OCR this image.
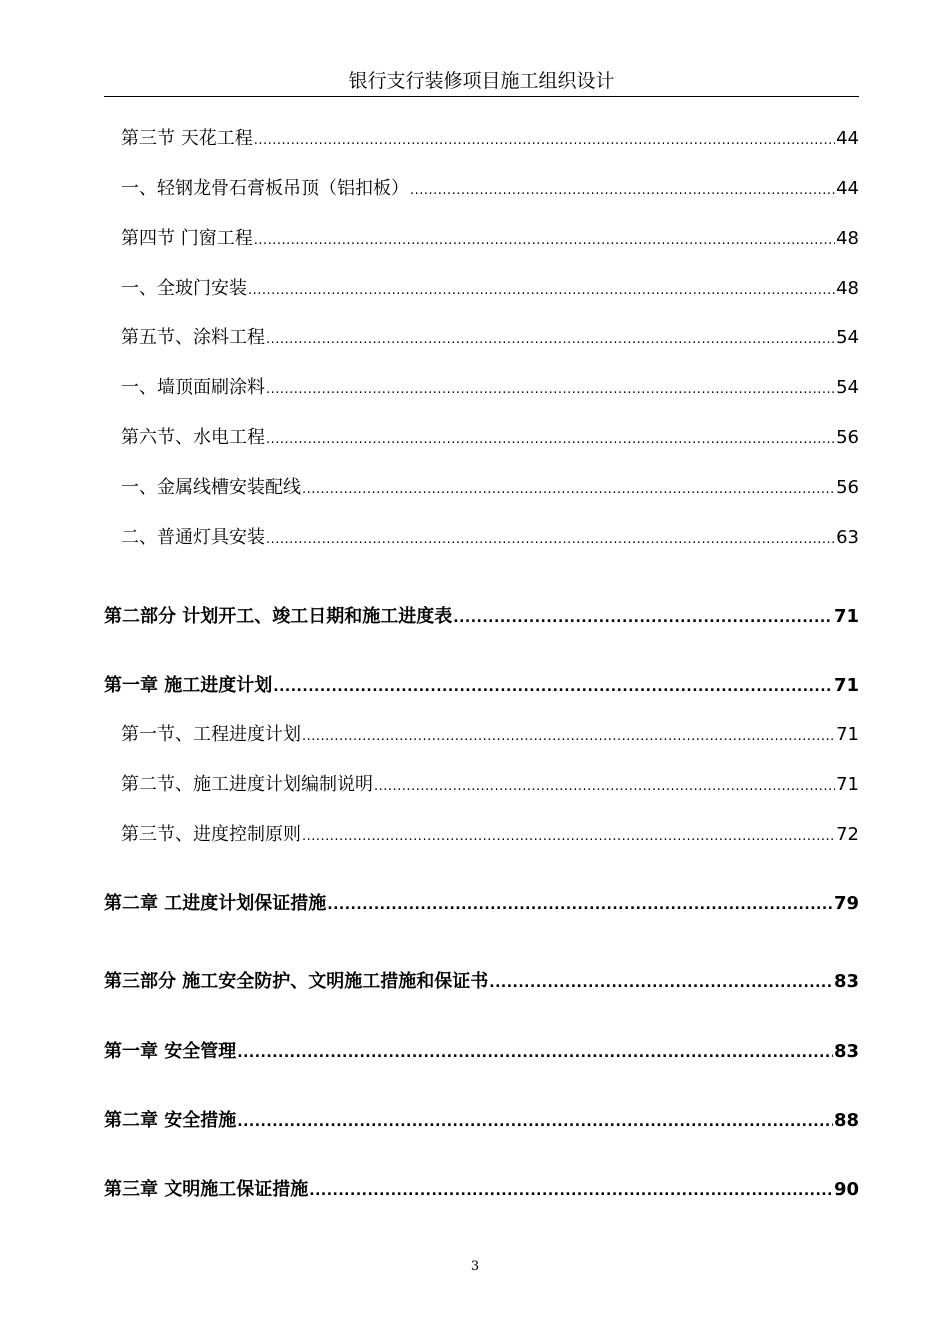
银行支行装修项目施工组织设计
第三节 天花工程 .....	44
一、轻钢龙骨石膏板吊顶（铝扣板） .....	44
第四节 门窗工程 .....	48
一、全玻门安装 .....	48
第五节、涂料工程 .....	54
一、墙顶面刷涂料 .....	54
第六节、水电工程 .....	56
一、金属线槽安装配线 .....	56
二、普通灯具安装 .....	63
第二部分 计划开工、竣工日期和施工进度表 .....	71
第一章 施工进度计划 .....	71
第一节、工程进度计划 .....	71
第二节、施工进度计划编制说明 .....	71
第三节、进度控制原则 .....	72
第二章 工进度计划保证措施 .....	79
第三部分 施工安全防护、文明施工措施和保证书 .....	83
第一章 安全管理 .....	83
第二章 安全措施 .....	88
第三章 文明施工保证措施 .....	90
3
